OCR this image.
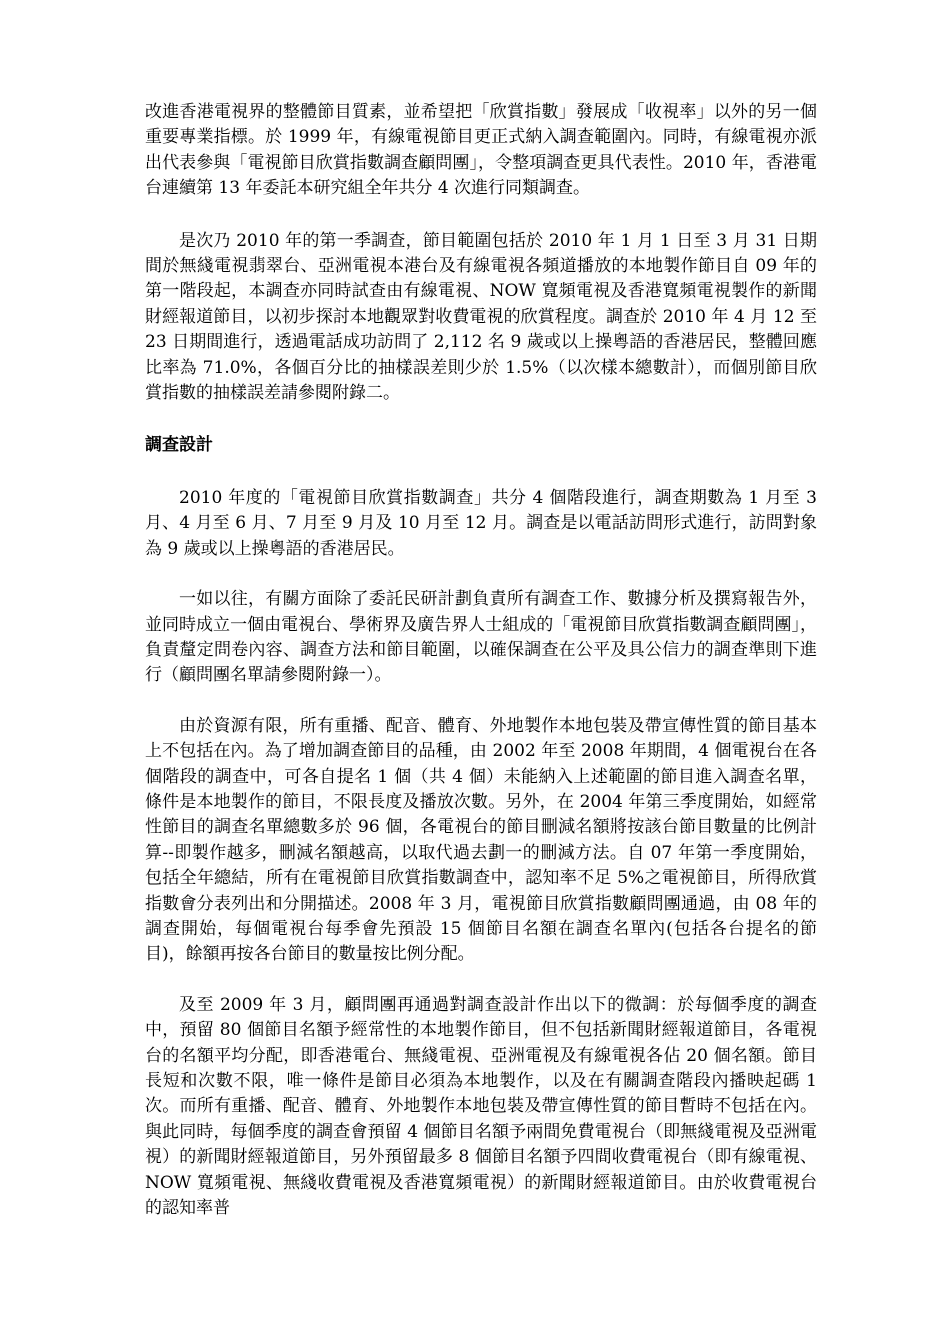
改進香港電視界的整體節目質素，並希望把「欣賞指數」發展成「收視率」以外的另一個重要專業指標。於 1999 年，有線電視節目更正式納入調查範圍內。同時，有線電視亦派出代表參與「電視節目欣賞指數調查顧問團」，令整項調查更具代表性。2010 年，香港電台連續第 13 年委託本研究組全年共分 4 次進行同類調查。

是次乃 2010 年的第一季調查，節目範圍包括於 2010 年 1 月 1 日至 3 月 31 日期間於無綫電視翡翠台、亞洲電視本港台及有線電視各頻道播放的本地製作節目自 09 年的第一階段起，本調查亦同時試查由有線電視、NOW 寬頻電視及香港寬頻電視製作的新聞財經報道節目，以初步探討本地觀眾對收費電視的欣賞程度。調查於 2010 年 4 月 12 至 23 日期間進行，透過電話成功訪問了 2,112 名 9 歲或以上操粵語的香港居民，整體回應比率為 71.0%，各個百分比的抽樣誤差則少於 1.5%（以次樣本總數計），而個別節目欣賞指數的抽樣誤差請參閱附錄二。

調查設計

2010 年度的「電視節目欣賞指數調查」共分 4 個階段進行，調查期數為 1 月至 3 月、4 月至 6 月、7 月至 9 月及 10 月至 12 月。調查是以電話訪問形式進行，訪問對象為 9 歲或以上操粵語的香港居民。

一如以往，有關方面除了委託民研計劃負責所有調查工作、數據分析及撰寫報告外，並同時成立一個由電視台、學術界及廣告界人士組成的「電視節目欣賞指數調查顧問團」，負責釐定問卷內容、調查方法和節目範圍，以確保調查在公平及具公信力的調查準則下進行（顧問團名單請參閱附錄一）。

由於資源有限，所有重播、配音、體育、外地製作本地包裝及帶宣傳性質的節目基本上不包括在內。為了增加調查節目的品種，由 2002 年至 2008 年期間，4 個電視台在各個階段的調查中，可各自提名 1 個（共 4 個）未能納入上述範圍的節目進入調查名單，條件是本地製作的節目，不限長度及播放次數。另外，在 2004 年第三季度開始，如經常性節目的調查名單總數多於 96 個，各電視台的節目刪減名額將按該台節目數量的比例計算--即製作越多，刪減名額越高，以取代過去劃一的刪減方法。自 07 年第一季度開始，包括全年總結，所有在電視節目欣賞指數調查中，認知率不足 5%之電視節目，所得欣賞指數會分表列出和分開描述。2008 年 3 月，電視節目欣賞指數顧問團通過，由 08 年的調查開始，每個電視台每季會先預設 15 個節目名額在調查名單內(包括各台提名的節目)，餘額再按各台節目的數量按比例分配。

及至 2009 年 3 月，顧問團再通過對調查設計作出以下的微調：於每個季度的調查中，預留 80 個節目名額予經常性的本地製作節目，但不包括新聞財經報道節目，各電視台的名額平均分配，即香港電台、無綫電視、亞洲電視及有線電視各佔 20 個名額。節目長短和次數不限，唯一條件是節目必須為本地製作，以及在有關調查階段內播映起碼 1 次。而所有重播、配音、體育、外地製作本地包裝及帶宣傳性質的節目暫時不包括在內。與此同時，每個季度的調查會預留 4 個節目名額予兩間免費電視台（即無綫電視及亞洲電視）的新聞財經報道節目，另外預留最多 8 個節目名額予四間收費電視台（即有線電視、NOW 寬頻電視、無綫收費電視及香港寬頻電視）的新聞財經報道節目。由於收費電視台的認知率普
